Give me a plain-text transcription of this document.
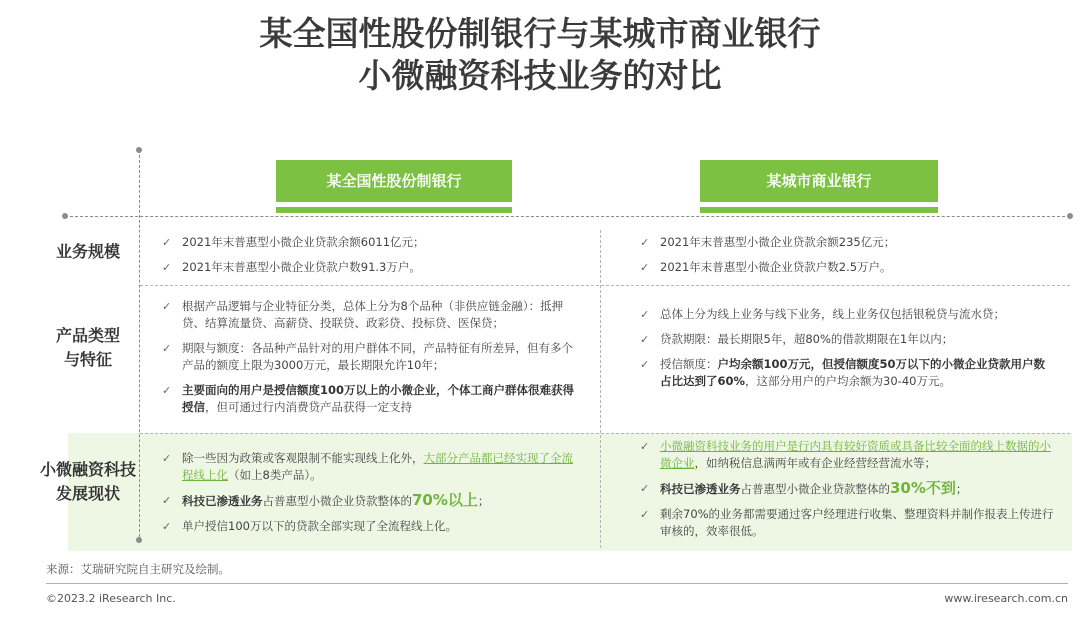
某全国性股份制银行与某城市商业银行
小微融资科技业务的对比
某全国性股份制银行	某城市商业银行
业务规模
产品类型
与特征
小微融资科技
发展现状
✓ 2021年末普惠型小微企业贷款余额6011亿元；
✓ 2021年末普惠型小微企业贷款户数91.3万户。
✓ 2021年末普惠型小微企业贷款余额235亿元；
✓ 2021年末普惠型小微企业贷款户数2.5万户。
✓ 根据产品逻辑与企业特征分类，总体上分为8个品种（非供应链金融）：抵押贷、结算流量贷、高薪贷、投联贷、政彩贷、投标贷、医保贷；
✓ 期限与额度：各品种产品针对的用户群体不同，产品特征有所差异，但有多个产品的额度上限为3000万元，最长期限允许10年；
✓ 主要面向的用户是授信额度100万以上的小微企业，个体工商户群体很难获得授信，但可通过行内消费贷产品获得一定支持
✓ 总体上分为线上业务与线下业务，线上业务仅包括银税贷与流水贷；
✓ 贷款期限：最长期限5年，超80%的借款期限在1年以内；
✓ 授信额度：户均余额100万元，但授信额度50万以下的小微企业贷款用户数占比达到了60%，这部分用户的户均余额为30-40万元。
✓ 除一些因为政策或客观限制不能实现线上化外，大部分产品都已经实现了全流程线上化（如上8类产品）。
✓ 科技已渗透业务占普惠型小微企业贷款整体的70%以上；
✓ 单户授信100万以下的贷款全部实现了全流程线上化。
✓ 小微融资科技业务的用户是行内具有较好资质或具备比较全面的线上数据的小微企业，如纳税信息满两年或有企业经营经营流水等；
✓ 科技已渗透业务占普惠型小微企业贷款整体的30%不到；
✓ 剩余70%的业务都需要通过客户经理进行收集、整理资料并制作报表上传进行审核的，效率很低。
来源：艾瑞研究院自主研究及绘制。
©2023.2 iResearch Inc.	www.iresearch.com.cn
